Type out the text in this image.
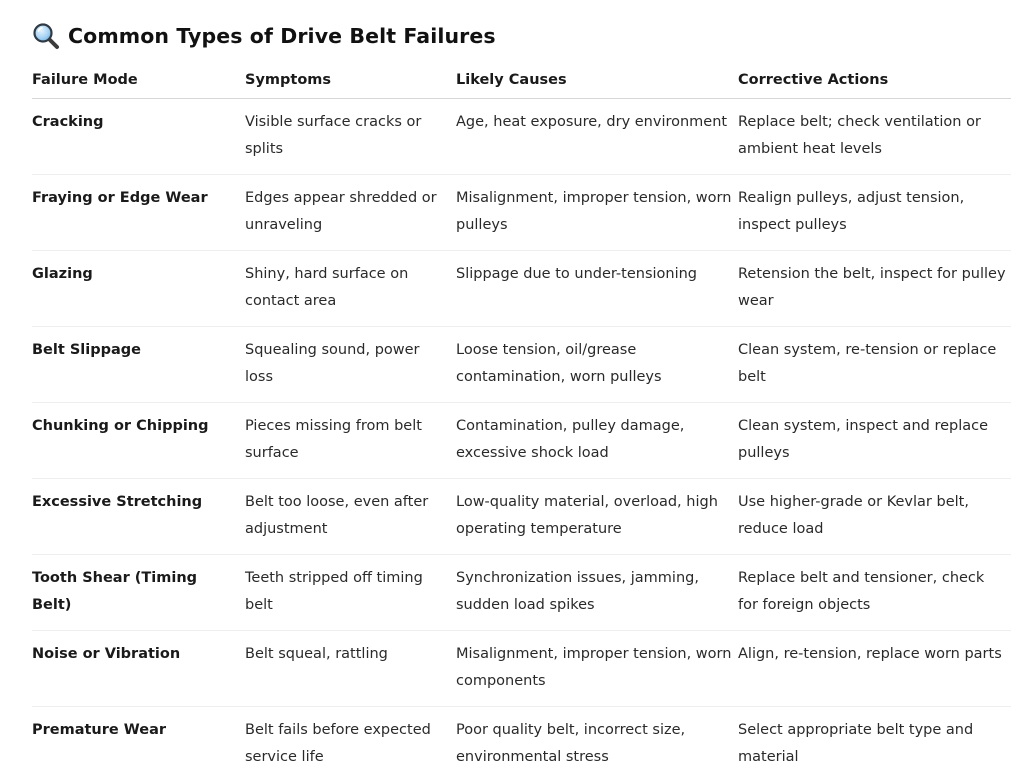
Common Types of Drive Belt Failures
Failure Mode	Symptoms	Likely Causes	Corrective Actions
Cracking	Visible surface cracks or splits	Age, heat exposure, dry environment	Replace belt; check ventilation or ambient heat levels
Fraying or Edge Wear	Edges appear shredded or unraveling	Misalignment, improper tension, worn pulleys	Realign pulleys, adjust tension, inspect pulleys
Glazing	Shiny, hard surface on contact area	Slippage due to under-tensioning	Retension the belt, inspect for pulley wear
Belt Slippage	Squealing sound, power loss	Loose tension, oil/grease contamination, worn pulleys	Clean system, re-tension or replace belt
Chunking or Chipping	Pieces missing from belt surface	Contamination, pulley damage, excessive shock load	Clean system, inspect and replace pulleys
Excessive Stretching	Belt too loose, even after adjustment	Low-quality material, overload, high operating temperature	Use higher-grade or Kevlar belt, reduce load
Tooth Shear (Timing Belt)	Teeth stripped off timing belt	Synchronization issues, jamming, sudden load spikes	Replace belt and tensioner, check for foreign objects
Noise or Vibration	Belt squeal, rattling	Misalignment, improper tension, worn components	Align, re-tension, replace worn parts
Premature Wear	Belt fails before expected service life	Poor quality belt, incorrect size, environmental stress	Select appropriate belt type and material
